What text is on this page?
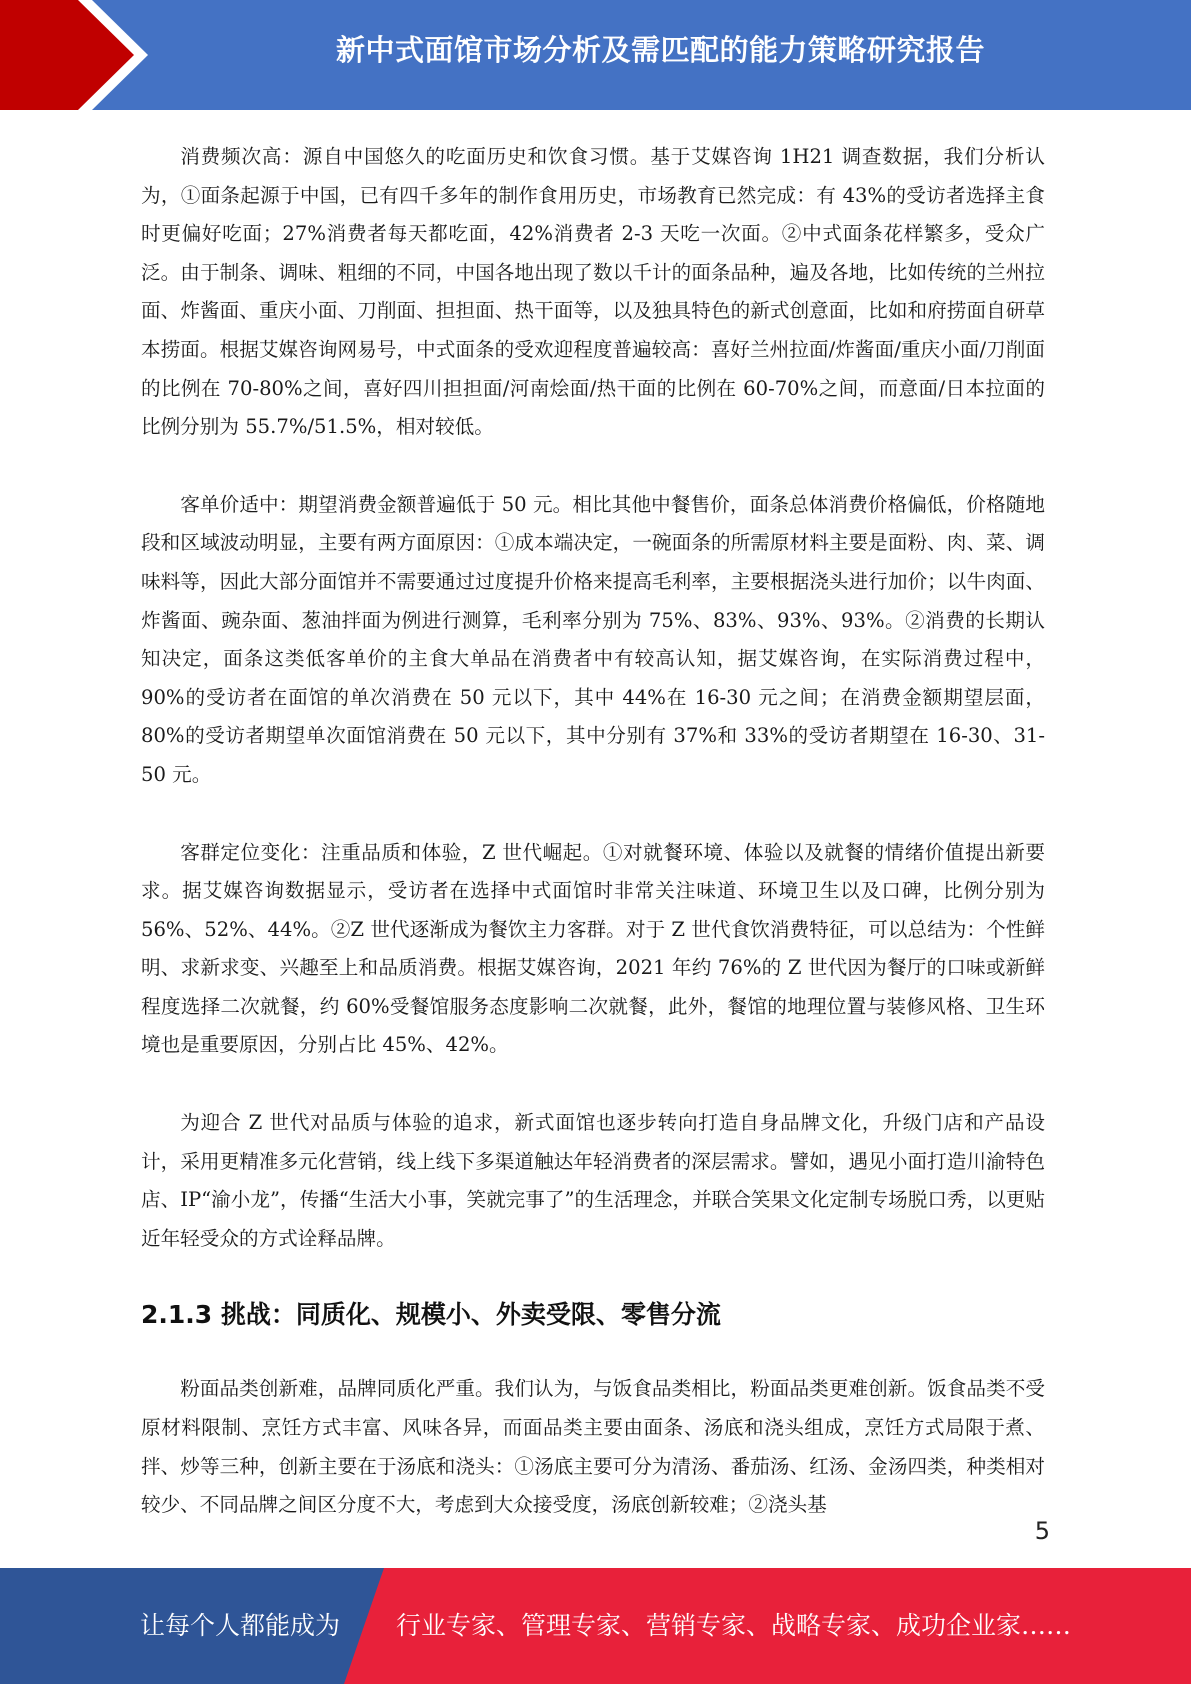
新中式面馆市场分析及需匹配的能力策略研究报告

消费频次高：源自中国悠久的吃面历史和饮食习惯。基于艾媒咨询 1H21 调查数据，我们分析认为，①面条起源于中国，已有四千多年的制作食用历史，市场教育已然完成：有 43%的受访者选择主食时更偏好吃面；27%消费者每天都吃面，42%消费者 2-3 天吃一次面。②中式面条花样繁多，受众广泛。由于制条、调味、粗细的不同，中国各地出现了数以千计的面条品种，遍及各地，比如传统的兰州拉面、炸酱面、重庆小面、刀削面、担担面、热干面等，以及独具特色的新式创意面，比如和府捞面自研草本捞面。根据艾媒咨询网易号，中式面条的受欢迎程度普遍较高：喜好兰州拉面/炸酱面/重庆小面/刀削面的比例在 70-80%之间，喜好四川担担面/河南烩面/热干面的比例在 60-70%之间，而意面/日本拉面的比例分别为 55.7%/51.5%，相对较低。

客单价适中：期望消费金额普遍低于 50 元。相比其他中餐售价，面条总体消费价格偏低，价格随地段和区域波动明显，主要有两方面原因：①成本端决定，一碗面条的所需原材料主要是面粉、肉、菜、调味料等，因此大部分面馆并不需要通过过度提升价格来提高毛利率，主要根据浇头进行加价；以牛肉面、炸酱面、豌杂面、葱油拌面为例进行测算，毛利率分别为 75%、83%、93%、93%。②消费的长期认知决定，面条这类低客单价的主食大单品在消费者中有较高认知，据艾媒咨询，在实际消费过程中，90%的受访者在面馆的单次消费在 50 元以下，其中 44%在 16-30 元之间；在消费金额期望层面，80%的受访者期望单次面馆消费在 50 元以下，其中分别有 37%和 33%的受访者期望在 16-30、31-50 元。

客群定位变化：注重品质和体验，Z 世代崛起。①对就餐环境、体验以及就餐的情绪价值提出新要求。据艾媒咨询数据显示，受访者在选择中式面馆时非常关注味道、环境卫生以及口碑，比例分别为 56%、52%、44%。②Z 世代逐渐成为餐饮主力客群。对于 Z 世代食饮消费特征，可以总结为：个性鲜明、求新求变、兴趣至上和品质消费。根据艾媒咨询，2021 年约 76%的 Z 世代因为餐厅的口味或新鲜程度选择二次就餐，约 60%受餐馆服务态度影响二次就餐，此外，餐馆的地理位置与装修风格、卫生环境也是重要原因，分别占比 45%、42%。

为迎合 Z 世代对品质与体验的追求，新式面馆也逐步转向打造自身品牌文化，升级门店和产品设计，采用更精准多元化营销，线上线下多渠道触达年轻消费者的深层需求。譬如，遇见小面打造川渝特色店、IP“渝小龙”，传播“生活大小事，笑就完事了”的生活理念，并联合笑果文化定制专场脱口秀，以更贴近年轻受众的方式诠释品牌。

2.1.3 挑战：同质化、规模小、外卖受限、零售分流

粉面品类创新难，品牌同质化严重。我们认为，与饭食品类相比，粉面品类更难创新。饭食品类不受原材料限制、烹饪方式丰富、风味各异，而面品类主要由面条、汤底和浇头组成，烹饪方式局限于煮、拌、炒等三种，创新主要在于汤底和浇头：①汤底主要可分为清汤、番茄汤、红汤、金汤四类，种类相对较少、不同品牌之间区分度不大，考虑到大众接受度，汤底创新较难；②浇头基

5
让每个人都能成为 行业专家、管理专家、营销专家、战略专家、成功企业家……
